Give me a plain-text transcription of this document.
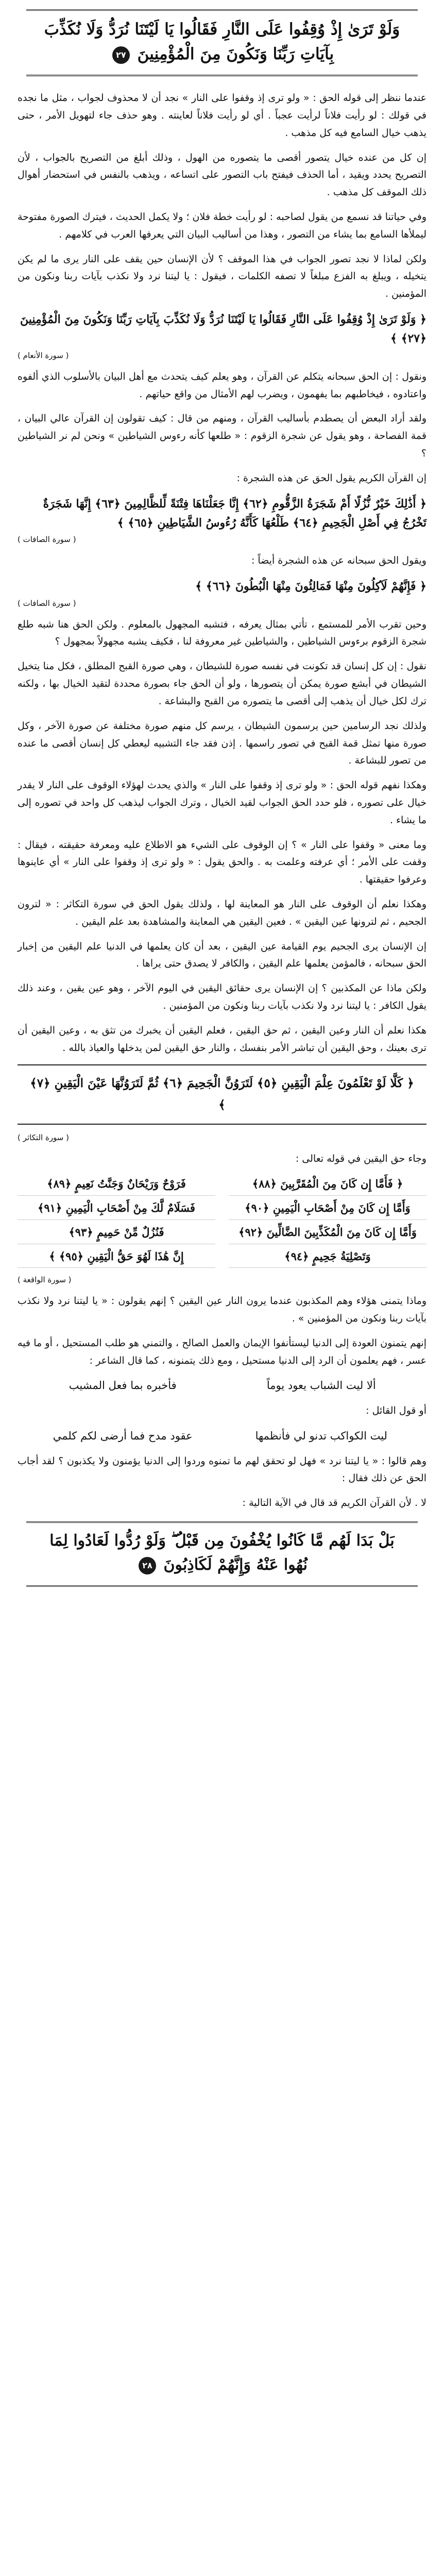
وَلَوْ تَرَىٰ إِذْ وُقِفُوا عَلَى النَّارِ فَقَالُوا يَا لَيْتَنَا نُرَدُّ وَلَا نُكَذِّبَ بِآيَاتِ رَبِّنَا وَنَكُونَ مِنَ الْمُؤْمِنِينَ ٢٧

عندما ننظر إلى قوله الحق : « ولو ترى إذ وقفوا على النار » نجد أن لا محذوف لجواب ، مثل ما نجده في قولك : لو رأيت فلاناً لرأيت عجباً . أي لو رأيت فلاناً لعاينته . وهو حذف جاء لتهويل الأمر ، حتى يذهب خيال السامع فيه كل مذهب .

إن كل من عنده خيال يتصور أقصى ما يتصوره من الهول ، وذلك أبلغ من التصريح بالجواب ، لأن التصريح يحدد ويقيد ، أما الحذف فيفتح باب التصور على اتساعه ، ويذهب بالنفس في استحضار أهوال ذلك الموقف كل مذهب .

وفي حياتنا قد نسمع من يقول لصاحبه : لو رأيت خطة فلان ؛ ولا يكمل الحديث ، فيترك الصورة مفتوحة ليملأها السامع بما يشاء من التصور ، وهذا من أساليب البيان التي يعرفها العرب في كلامهم .

ولكن لماذا لا نجد تصور الجواب في هذا الموقف ؟ لأن الإنسان حين يقف على النار يرى ما لم يكن يتخيله ، ويبلغ به الفزع مبلغاً لا تصفه الكلمات ، فيقول : يا ليتنا نرد ولا نكذب بآيات ربنا ونكون من المؤمنين .

﴿ وَلَوْ تَرَىٰ إِذْ وُقِفُوا عَلَى النَّارِ فَقَالُوا يَا لَيْتَنَا نُرَدُّ وَلَا نُكَذِّبَ بِآيَاتِ رَبِّنَا وَنَكُونَ مِنَ الْمُؤْمِنِينَ ﴿٢٧﴾ ﴾
( سورة الأنعام )

ونقول : إن الحق سبحانه يتكلم عن القرآن ، وهو يعلم كيف يتحدث مع أهل البيان بالأسلوب الذي ألفوه واعتادوه ، فيخاطبهم بما يفهمون ، ويضرب لهم الأمثال من واقع حياتهم .

ولقد أراد البعض أن يصطدم بأساليب القرآن ، ومنهم من قال : كيف تقولون إن القرآن عالي البيان ، قمة الفصاحة ، وهو يقول عن شجرة الزقوم : « طلعها كأنه رءوس الشياطين » ونحن لم نر الشياطين ؟

إن القرآن الكريم يقول الحق عن هذه الشجرة :

﴿ أَذَٰلِكَ خَيْرٌ نُّزُلًا أَمْ شَجَرَةُ الزَّقُّومِ ﴿٦٢﴾ إِنَّا جَعَلْنَاهَا فِتْنَةً لِّلظَّالِمِينَ ﴿٦٣﴾ إِنَّهَا شَجَرَةٌ تَخْرُجُ فِي أَصْلِ الْجَحِيمِ ﴿٦٤﴾ طَلْعُهَا كَأَنَّهُ رُءُوسُ الشَّيَاطِينِ ﴿٦٥﴾ ﴾
( سورة الصافات )

ويقول الحق سبحانه عن هذه الشجرة أيضاً :

﴿ فَإِنَّهُمْ لَآكِلُونَ مِنْهَا فَمَالِئُونَ مِنْهَا الْبُطُونَ ﴿٦٦﴾ ﴾
( سورة الصافات )

وحين تقرب الأمر للمستمع ، تأتي بمثال يعرفه ، فتشبه المجهول بالمعلوم . ولكن الحق هنا شبه طلع شجرة الزقوم برءوس الشياطين ، والشياطين غير معروفة لنا ، فكيف يشبه مجهولاً بمجهول ؟

نقول : إن كل إنسان قد تكونت في نفسه صورة للشيطان ، وهي صورة القبح المطلق ، فكل منا يتخيل الشيطان في أبشع صورة يمكن أن يتصورها ، ولو أن الحق جاء بصورة محددة لتقيد الخيال بها ، ولكنه ترك لكل خيال أن يذهب إلى أقصى ما يتصوره من القبح والبشاعة .

ولذلك نجد الرسامين حين يرسمون الشيطان ، يرسم كل منهم صورة مختلفة عن صورة الآخر ، وكل صورة منها تمثل قمة القبح في تصور راسمها . إذن فقد جاء التشبيه ليعطي كل إنسان أقصى ما عنده من تصور للبشاعة .

وهكذا نفهم قوله الحق : « ولو ترى إذ وقفوا على النار » والذي يحدث لهؤلاء الوقوف على النار لا يقدر خيال على تصوره ، فلو حدد الحق الجواب لقيد الخيال ، وترك الجواب ليذهب كل واحد في تصوره إلى ما يشاء .

وما معنى « وقفوا على النار » ؟ إن الوقوف على الشيء هو الاطلاع عليه ومعرفة حقيقته ، فيقال : وقفت على الأمر ؛ أي عرفته وعلمت به . والحق يقول : « ولو ترى إذ وقفوا على النار » أي عاينوها وعرفوا حقيقتها .

وهكذا نعلم أن الوقوف على النار هو المعاينة لها ، ولذلك يقول الحق في سورة التكاثر : « لترون الجحيم ، ثم لترونها عين اليقين » . فعين اليقين هي المعاينة والمشاهدة بعد علم اليقين .

إن الإنسان يرى الجحيم يوم القيامة عين اليقين ، بعد أن كان يعلمها في الدنيا علم اليقين من إخبار الحق سبحانه ، فالمؤمن يعلمها علم اليقين ، والكافر لا يصدق حتى يراها .

ولكن ماذا عن المكذبين ؟ إن الإنسان يرى حقائق اليقين في اليوم الآخر ، وهو عين يقين ، وعند ذلك يقول الكافر : يا ليتنا نرد ولا نكذب بآيات ربنا ونكون من المؤمنين .

هكذا نعلم أن النار وعين اليقين ، ثم حق اليقين ، فعلم اليقين أن يخبرك من تثق به ، وعين اليقين أن ترى بعينك ، وحق اليقين أن تباشر الأمر بنفسك ، والنار حق اليقين لمن يدخلها والعياذ بالله .

﴿ كَلَّا لَوْ تَعْلَمُونَ عِلْمَ الْيَقِينِ ﴿٥﴾ لَتَرَوُنَّ الْجَحِيمَ ﴿٦﴾ ثُمَّ لَتَرَوُنَّهَا عَيْنَ الْيَقِينِ ﴿٧﴾ ﴾
( سورة التكاثر )

وجاء حق اليقين في قوله تعالى :

﴿ فَأَمَّا إِن كَانَ مِنَ الْمُقَرَّبِينَ ﴿٨٨﴾
فَرَوْحٌ وَرَيْحَانٌ وَجَنَّتُ نَعِيمٍ ﴿٨٩﴾
وَأَمَّا إِن كَانَ مِنْ أَصْحَابِ الْيَمِينِ ﴿٩٠﴾
فَسَلَامٌ لَّكَ مِنْ أَصْحَابِ الْيَمِينِ ﴿٩١﴾
وَأَمَّا إِن كَانَ مِنَ الْمُكَذِّبِينَ الضَّالِّينَ ﴿٩٢﴾
فَنُزُلٌ مِّنْ حَمِيمٍ ﴿٩٣﴾
وَتَصْلِيَةُ جَحِيمٍ ﴿٩٤﴾
إِنَّ هَٰذَا لَهُوَ حَقُّ الْيَقِينِ ﴿٩٥﴾ ﴾
( سورة الواقعة )

وماذا يتمنى هؤلاء وهم المكذبون عندما يرون النار عين اليقين ؟ إنهم يقولون : « يا ليتنا نرد ولا نكذب بآيات ربنا ونكون من المؤمنين » .

إنهم يتمنون العودة إلى الدنيا ليستأنفوا الإيمان والعمل الصالح ، والتمني هو طلب المستحيل ، أو ما فيه عسر ، فهم يعلمون أن الرد إلى الدنيا مستحيل ، ومع ذلك يتمنونه ، كما قال الشاعر :

ألا ليت الشباب يعود يوماً
فأخبره بما فعل المشيب

أو قول القائل :

ليت الكواكب تدنو لي فأنظمها
عقود مدح فما أرضى لكم كلمي

وهم قالوا : « يا ليتنا نرد » فهل لو تحقق لهم ما تمنوه وردوا إلى الدنيا يؤمنون ولا يكذبون ؟ لقد أجاب الحق عن ذلك فقال :

لا . لأن القرآن الكريم قد قال في الآية التالية :

بَلْ بَدَا لَهُم مَّا كَانُوا يُخْفُونَ مِن قَبْلُ ۖ وَلَوْ رُدُّوا لَعَادُوا لِمَا نُهُوا عَنْهُ وَإِنَّهُمْ لَكَاذِبُونَ ٢٨
